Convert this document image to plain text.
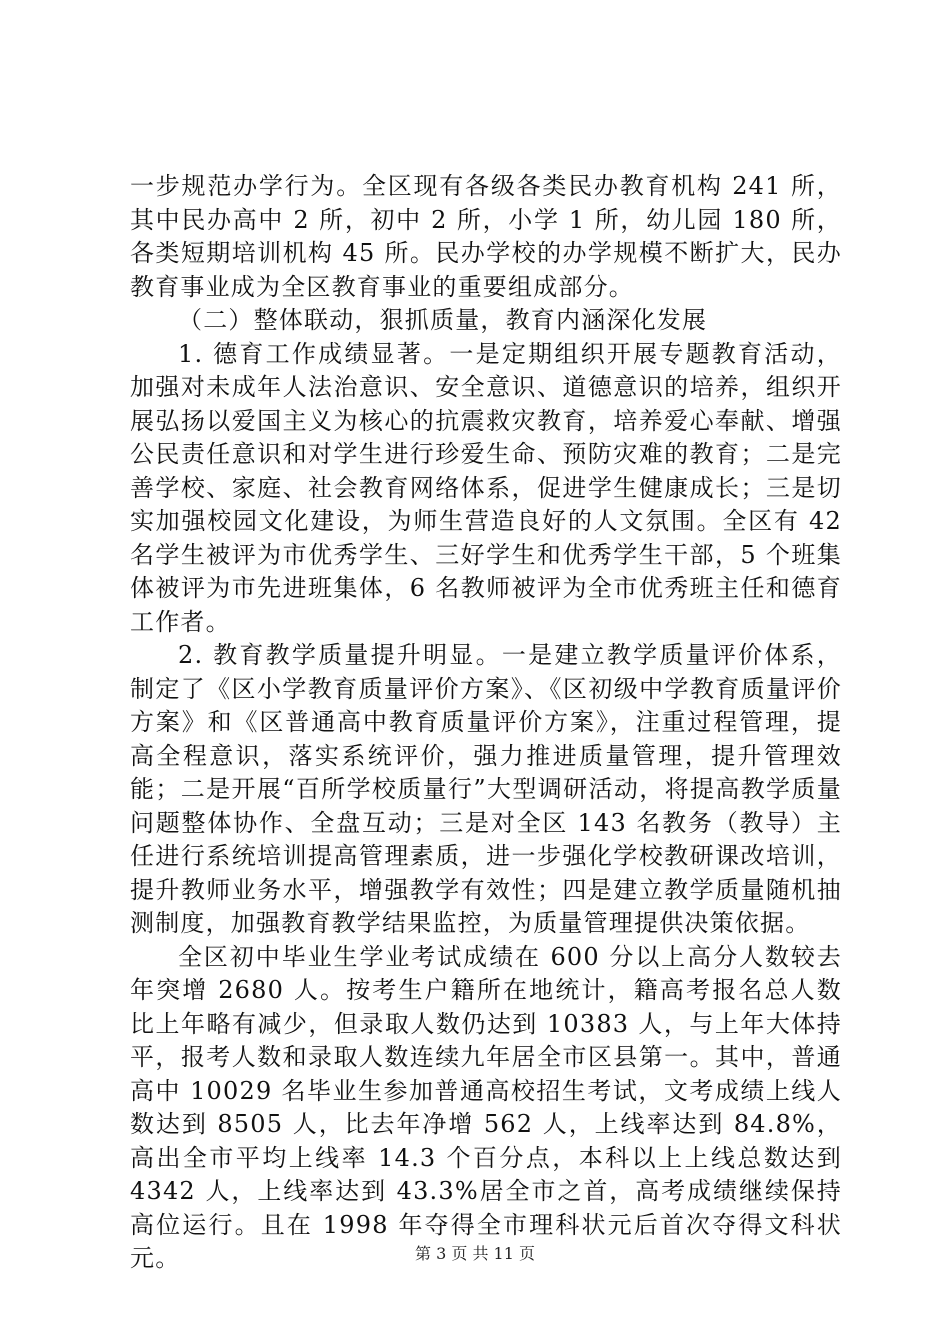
一步规范办学行为。全区现有各级各类民办教育机构 241 所，其中民办高中 2 所，初中 2 所，小学 1 所，幼儿园 180 所，各类短期培训机构 45 所。民办学校的办学规模不断扩大，民办教育事业成为全区教育事业的重要组成部分。

（二）整体联动，狠抓质量，教育内涵深化发展

1. 德育工作成绩显著。一是定期组织开展专题教育活动，加强对未成年人法治意识、安全意识、道德意识的培养，组织开展弘扬以爱国主义为核心的抗震救灾教育，培养爱心奉献、增强公民责任意识和对学生进行珍爱生命、预防灾难的教育；二是完善学校、家庭、社会教育网络体系，促进学生健康成长；三是切实加强校园文化建设，为师生营造良好的人文氛围。全区有 42 名学生被评为市优秀学生、三好学生和优秀学生干部，5 个班集体被评为市先进班集体，6 名教师被评为全市优秀班主任和德育工作者。

2. 教育教学质量提升明显。一是建立教学质量评价体系，制定了《区小学教育质量评价方案》、《区初级中学教育质量评价方案》和《区普通高中教育质量评价方案》，注重过程管理，提高全程意识，落实系统评价，强力推进质量管理，提升管理效能；二是开展“百所学校质量行”大型调研活动，将提高教学质量问题整体协作、全盘互动；三是对全区 143 名教务（教导）主任进行系统培训提高管理素质，进一步强化学校教研课改培训，提升教师业务水平，增强教学有效性；四是建立教学质量随机抽测制度，加强教育教学结果监控，为质量管理提供决策依据。

全区初中毕业生学业考试成绩在 600 分以上高分人数较去年突增 2680 人。按考生户籍所在地统计，籍高考报名总人数比上年略有减少，但录取人数仍达到 10383 人，与上年大体持平，报考人数和录取人数连续九年居全市区县第一。其中，普通高中 10029 名毕业生参加普通高校招生考试，文考成绩上线人数达到 8505 人，比去年净增 562 人，上线率达到 84.8%，高出全市平均上线率 14.3 个百分点，本科以上上线总数达到 4342 人，上线率达到 43.3%居全市之首，高考成绩继续保持高位运行。且在 1998 年夺得全市理科状元后首次夺得文科状元。	第 3 页 共 11 页
